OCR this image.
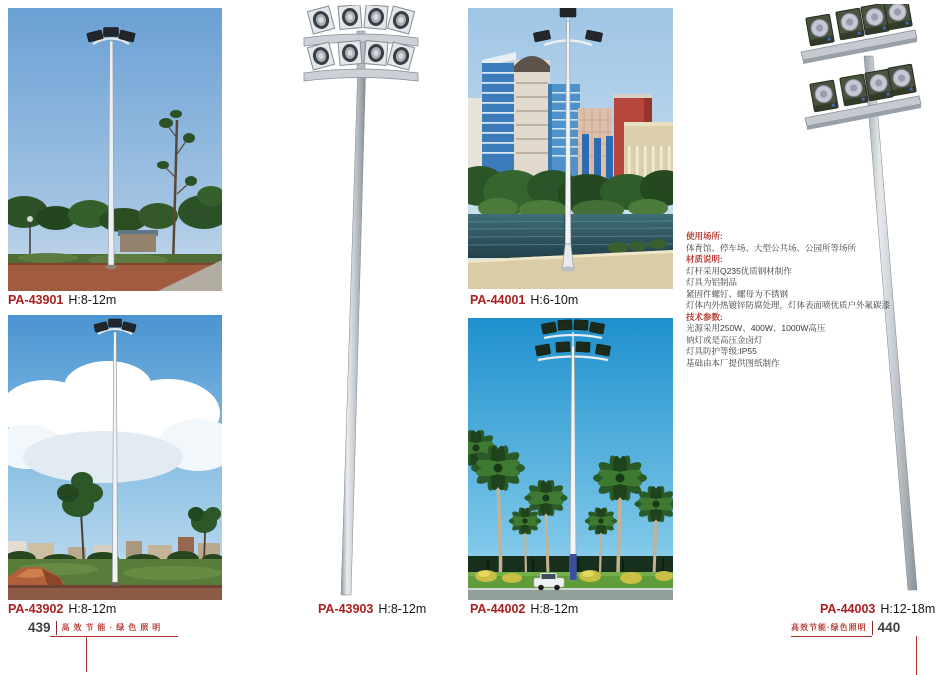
PA-43901 H:8-12m
PA-43902 H:8-12m	PA-43903 H:8-12m
PA-44001 H:6-10m
PA-44002 H:8-12m	PA-44003 H:12-18m

使用场所:

体育馆、停车场、大型公共场、公园所等场所

材质说明:

灯杆采用Q235优质钢材制作

灯具为铝制品

紧固件螺钉、螺母为不锈钢

灯体内外热镀锌防腐处理，灯体表面喷优质户外氟碳漆

技术参数:

光源采用250W、400W、1000W高压

钠灯或是高压金卤灯

灯具防护等级:IP55

基础由本厂提供图纸制作

439 高效节能·绿色照明	高效节能·绿色照明 440
